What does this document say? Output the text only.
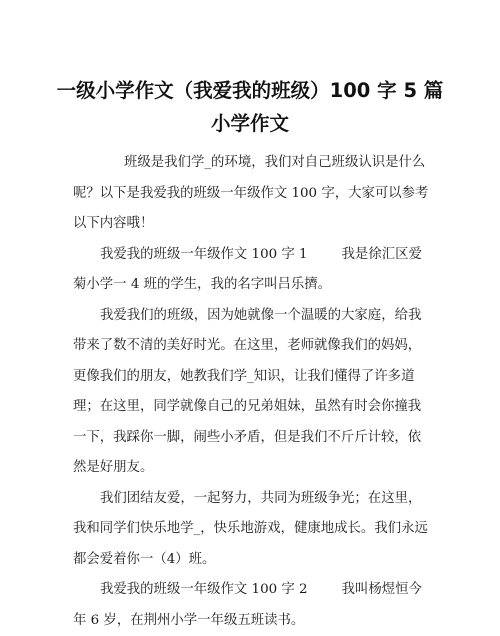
一级小学作文（我爱我的班级）100 字 5 篇
小学作文

班级是我们学_的环境，我们对自己班级认识是什么呢？以下是我爱我的班级一年级作文 100 字，大家可以参考以下内容哦！

我爱我的班级一年级作文 100 字 1	我是徐汇区爱菊小学一 4 班的学生，我的名字叫吕乐擠。

我爱我们的班级，因为她就像一个温暖的大家庭，给我带来了数不清的美好时光。在这里，老师就像我们的妈妈，更像我们的朋友，她教我们学_知识，让我们懂得了许多道理；在这里，同学就像自己的兄弟姐妹，虽然有时会你撞我一下，我踩你一脚，闹些小矛盾，但是我们不斤斤计较，依然是好朋友。

我们团结友爱，一起努力，共同为班级争光；在这里，我和同学们快乐地学_，快乐地游戏，健康地成长。我们永远都会爱着你一（4）班。

我爱我的班级一年级作文 100 字 2	我叫杨煜恒今年 6 岁，在荆州小学一年级五班读书。
